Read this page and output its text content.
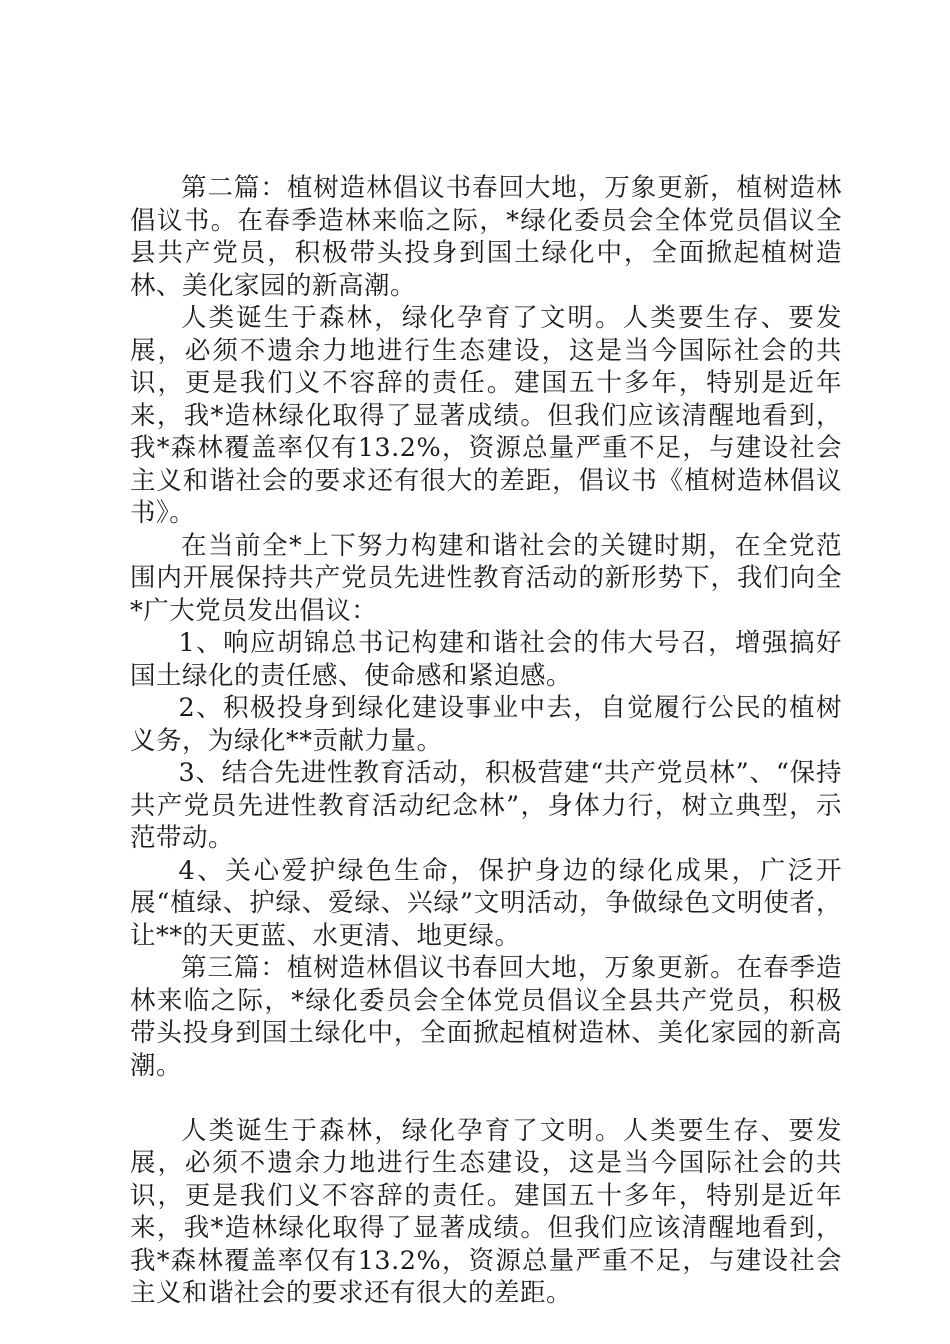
第二篇：植树造林倡议书春回大地，万象更新，植树造林倡议书。在春季造林来临之际，*绿化委员会全体党员倡议全县共产党员，积极带头投身到国土绿化中，全面掀起植树造林、美化家园的新高潮。

人类诞生于森林，绿化孕育了文明。人类要生存、要发展，必须不遗余力地进行生态建设，这是当今国际社会的共识，更是我们义不容辞的责任。建国五十多年，特别是近年来，我*造林绿化取得了显著成绩。但我们应该清醒地看到，我*森林覆盖率仅有13.2%，资源总量严重不足，与建设社会主义和谐社会的要求还有很大的差距，倡议书《植树造林倡议书》。

在当前全*上下努力构建和谐社会的关键时期，在全党范围内开展保持共产党员先进性教育活动的新形势下，我们向全*广大党员发出倡议：

1、响应胡锦总书记构建和谐社会的伟大号召，增强搞好国土绿化的责任感、使命感和紧迫感。

2、积极投身到绿化建设事业中去，自觉履行公民的植树义务，为绿化**贡献力量。

3、结合先进性教育活动，积极营建“共产党员林”、“保持共产党员先进性教育活动纪念林”，身体力行，树立典型，示范带动。

4、关心爱护绿色生命，保护身边的绿化成果，广泛开展“植绿、护绿、爱绿、兴绿”文明活动，争做绿色文明使者，让**的天更蓝、水更清、地更绿。

第三篇：植树造林倡议书春回大地，万象更新。在春季造林来临之际，*绿化委员会全体党员倡议全县共产党员，积极带头投身到国土绿化中，全面掀起植树造林、美化家园的新高潮。

人类诞生于森林，绿化孕育了文明。人类要生存、要发展，必须不遗余力地进行生态建设，这是当今国际社会的共识，更是我们义不容辞的责任。建国五十多年，特别是近年来，我*造林绿化取得了显著成绩。但我们应该清醒地看到，我*森林覆盖率仅有13.2%，资源总量严重不足，与建设社会主义和谐社会的要求还有很大的差距。
